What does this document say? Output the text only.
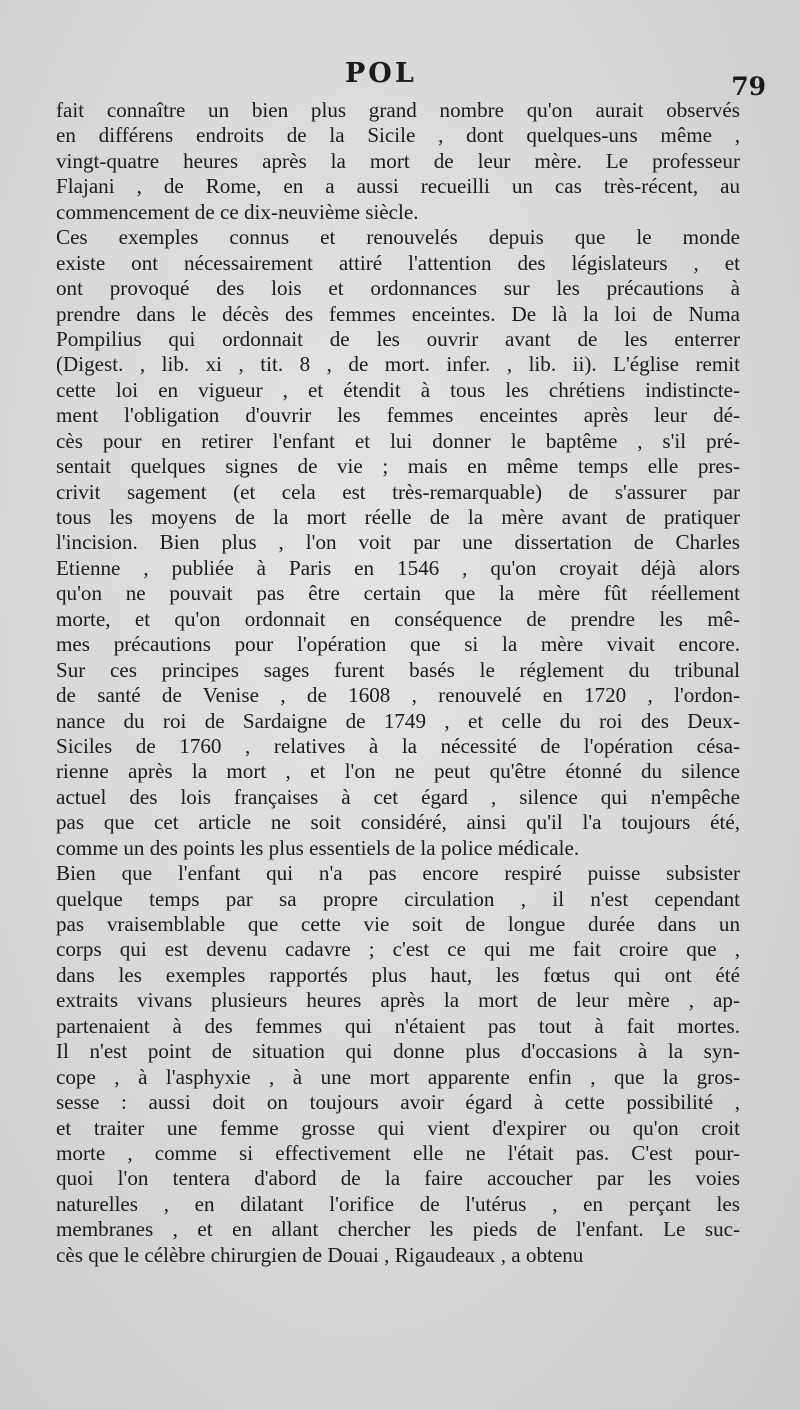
POL	79
fait connaître un bien plus grand nombre qu'on aurait observés
en différens endroits de la Sicile , dont quelques-uns même ,
vingt-quatre heures après la mort de leur mère. Le professeur
Flajani , de Rome, en a aussi recueilli un cas très-récent, au
commencement de ce dix-neuvième siècle.
Ces exemples connus et renouvelés depuis que le monde
existe ont nécessairement attiré l'attention des législateurs , et
ont provoqué des lois et ordonnances sur les précautions à
prendre dans le décès des femmes enceintes. De là la loi de Numa
Pompilius qui ordonnait de les ouvrir avant de les enterrer
(Digest. , lib. xi , tit. 8 , de mort. infer. , lib. ii). L'église remit
cette loi en vigueur , et étendit à tous les chrétiens indistincte-
ment l'obligation d'ouvrir les femmes enceintes après leur dé-
cès pour en retirer l'enfant et lui donner le baptême , s'il pré-
sentait quelques signes de vie ; mais en même temps elle pres-
crivit sagement (et cela est très-remarquable) de s'assurer par
tous les moyens de la mort réelle de la mère avant de pratiquer
l'incision. Bien plus , l'on voit par une dissertation de Charles
Etienne , publiée à Paris en 1546 , qu'on croyait déjà alors
qu'on ne pouvait pas être certain que la mère fût réellement
morte, et qu'on ordonnait en conséquence de prendre les mê-
mes précautions pour l'opération que si la mère vivait encore.
Sur ces principes sages furent basés le réglement du tribunal
de santé de Venise , de 1608 , renouvelé en 1720 , l'ordon-
nance du roi de Sardaigne de 1749 , et celle du roi des Deux-
Siciles de 1760 , relatives à la nécessité de l'opération césa-
rienne après la mort , et l'on ne peut qu'être étonné du silence
actuel des lois françaises à cet égard , silence qui n'empêche
pas que cet article ne soit considéré, ainsi qu'il l'a toujours été,
comme un des points les plus essentiels de la police médicale.
Bien que l'enfant qui n'a pas encore respiré puisse subsister
quelque temps par sa propre circulation , il n'est cependant
pas vraisemblable que cette vie soit de longue durée dans un
corps qui est devenu cadavre ; c'est ce qui me fait croire que ,
dans les exemples rapportés plus haut, les fœtus qui ont été
extraits vivans plusieurs heures après la mort de leur mère , ap-
partenaient à des femmes qui n'étaient pas tout à fait mortes.
Il n'est point de situation qui donne plus d'occasions à la syn-
cope , à l'asphyxie , à une mort apparente enfin , que la gros-
sesse : aussi doit on toujours avoir égard à cette possibilité ,
et traiter une femme grosse qui vient d'expirer ou qu'on croit
morte , comme si effectivement elle ne l'était pas. C'est pour-
quoi l'on tentera d'abord de la faire accoucher par les voies
naturelles , en dilatant l'orifice de l'utérus , en perçant les
membranes , et en allant chercher les pieds de l'enfant. Le suc-
cès que le célèbre chirurgien de Douai , Rigaudeaux , a obtenu
